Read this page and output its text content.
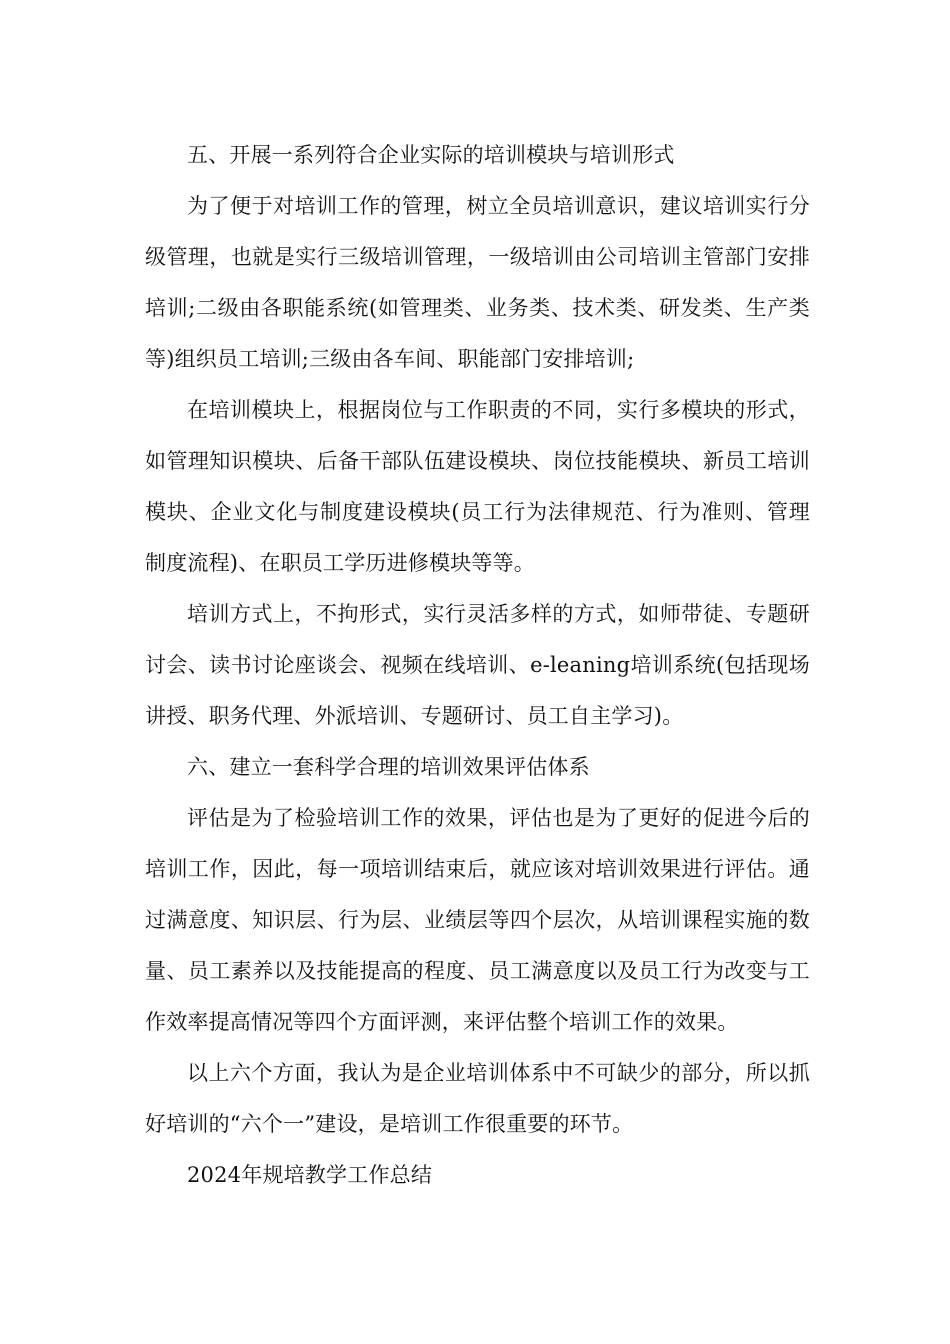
五、开展一系列符合企业实际的培训模块与培训形式

为了便于对培训工作的管理，树立全员培训意识，建议培训实行分级管理，也就是实行三级培训管理，一级培训由公司培训主管部门安排培训;二级由各职能系统(如管理类、业务类、技术类、研发类、生产类等)组织员工培训;三级由各车间、职能部门安排培训;

在培训模块上，根据岗位与工作职责的不同，实行多模块的形式，如管理知识模块、后备干部队伍建设模块、岗位技能模块、新员工培训模块、企业文化与制度建设模块(员工行为法律规范、行为准则、管理制度流程)、在职员工学历进修模块等等。

培训方式上，不拘形式，实行灵活多样的方式，如师带徒、专题研讨会、读书讨论座谈会、视频在线培训、e-leaning培训系统(包括现场讲授、职务代理、外派培训、专题研讨、员工自主学习)。

六、建立一套科学合理的培训效果评估体系

评估是为了检验培训工作的效果，评估也是为了更好的促进今后的培训工作，因此，每一项培训结束后，就应该对培训效果进行评估。通过满意度、知识层、行为层、业绩层等四个层次，从培训课程实施的数量、员工素养以及技能提高的程度、员工满意度以及员工行为改变与工作效率提高情况等四个方面评测，来评估整个培训工作的效果。

以上六个方面，我认为是企业培训体系中不可缺少的部分，所以抓好培训的“六个一”建设，是培训工作很重要的环节。

2024年规培教学工作总结
